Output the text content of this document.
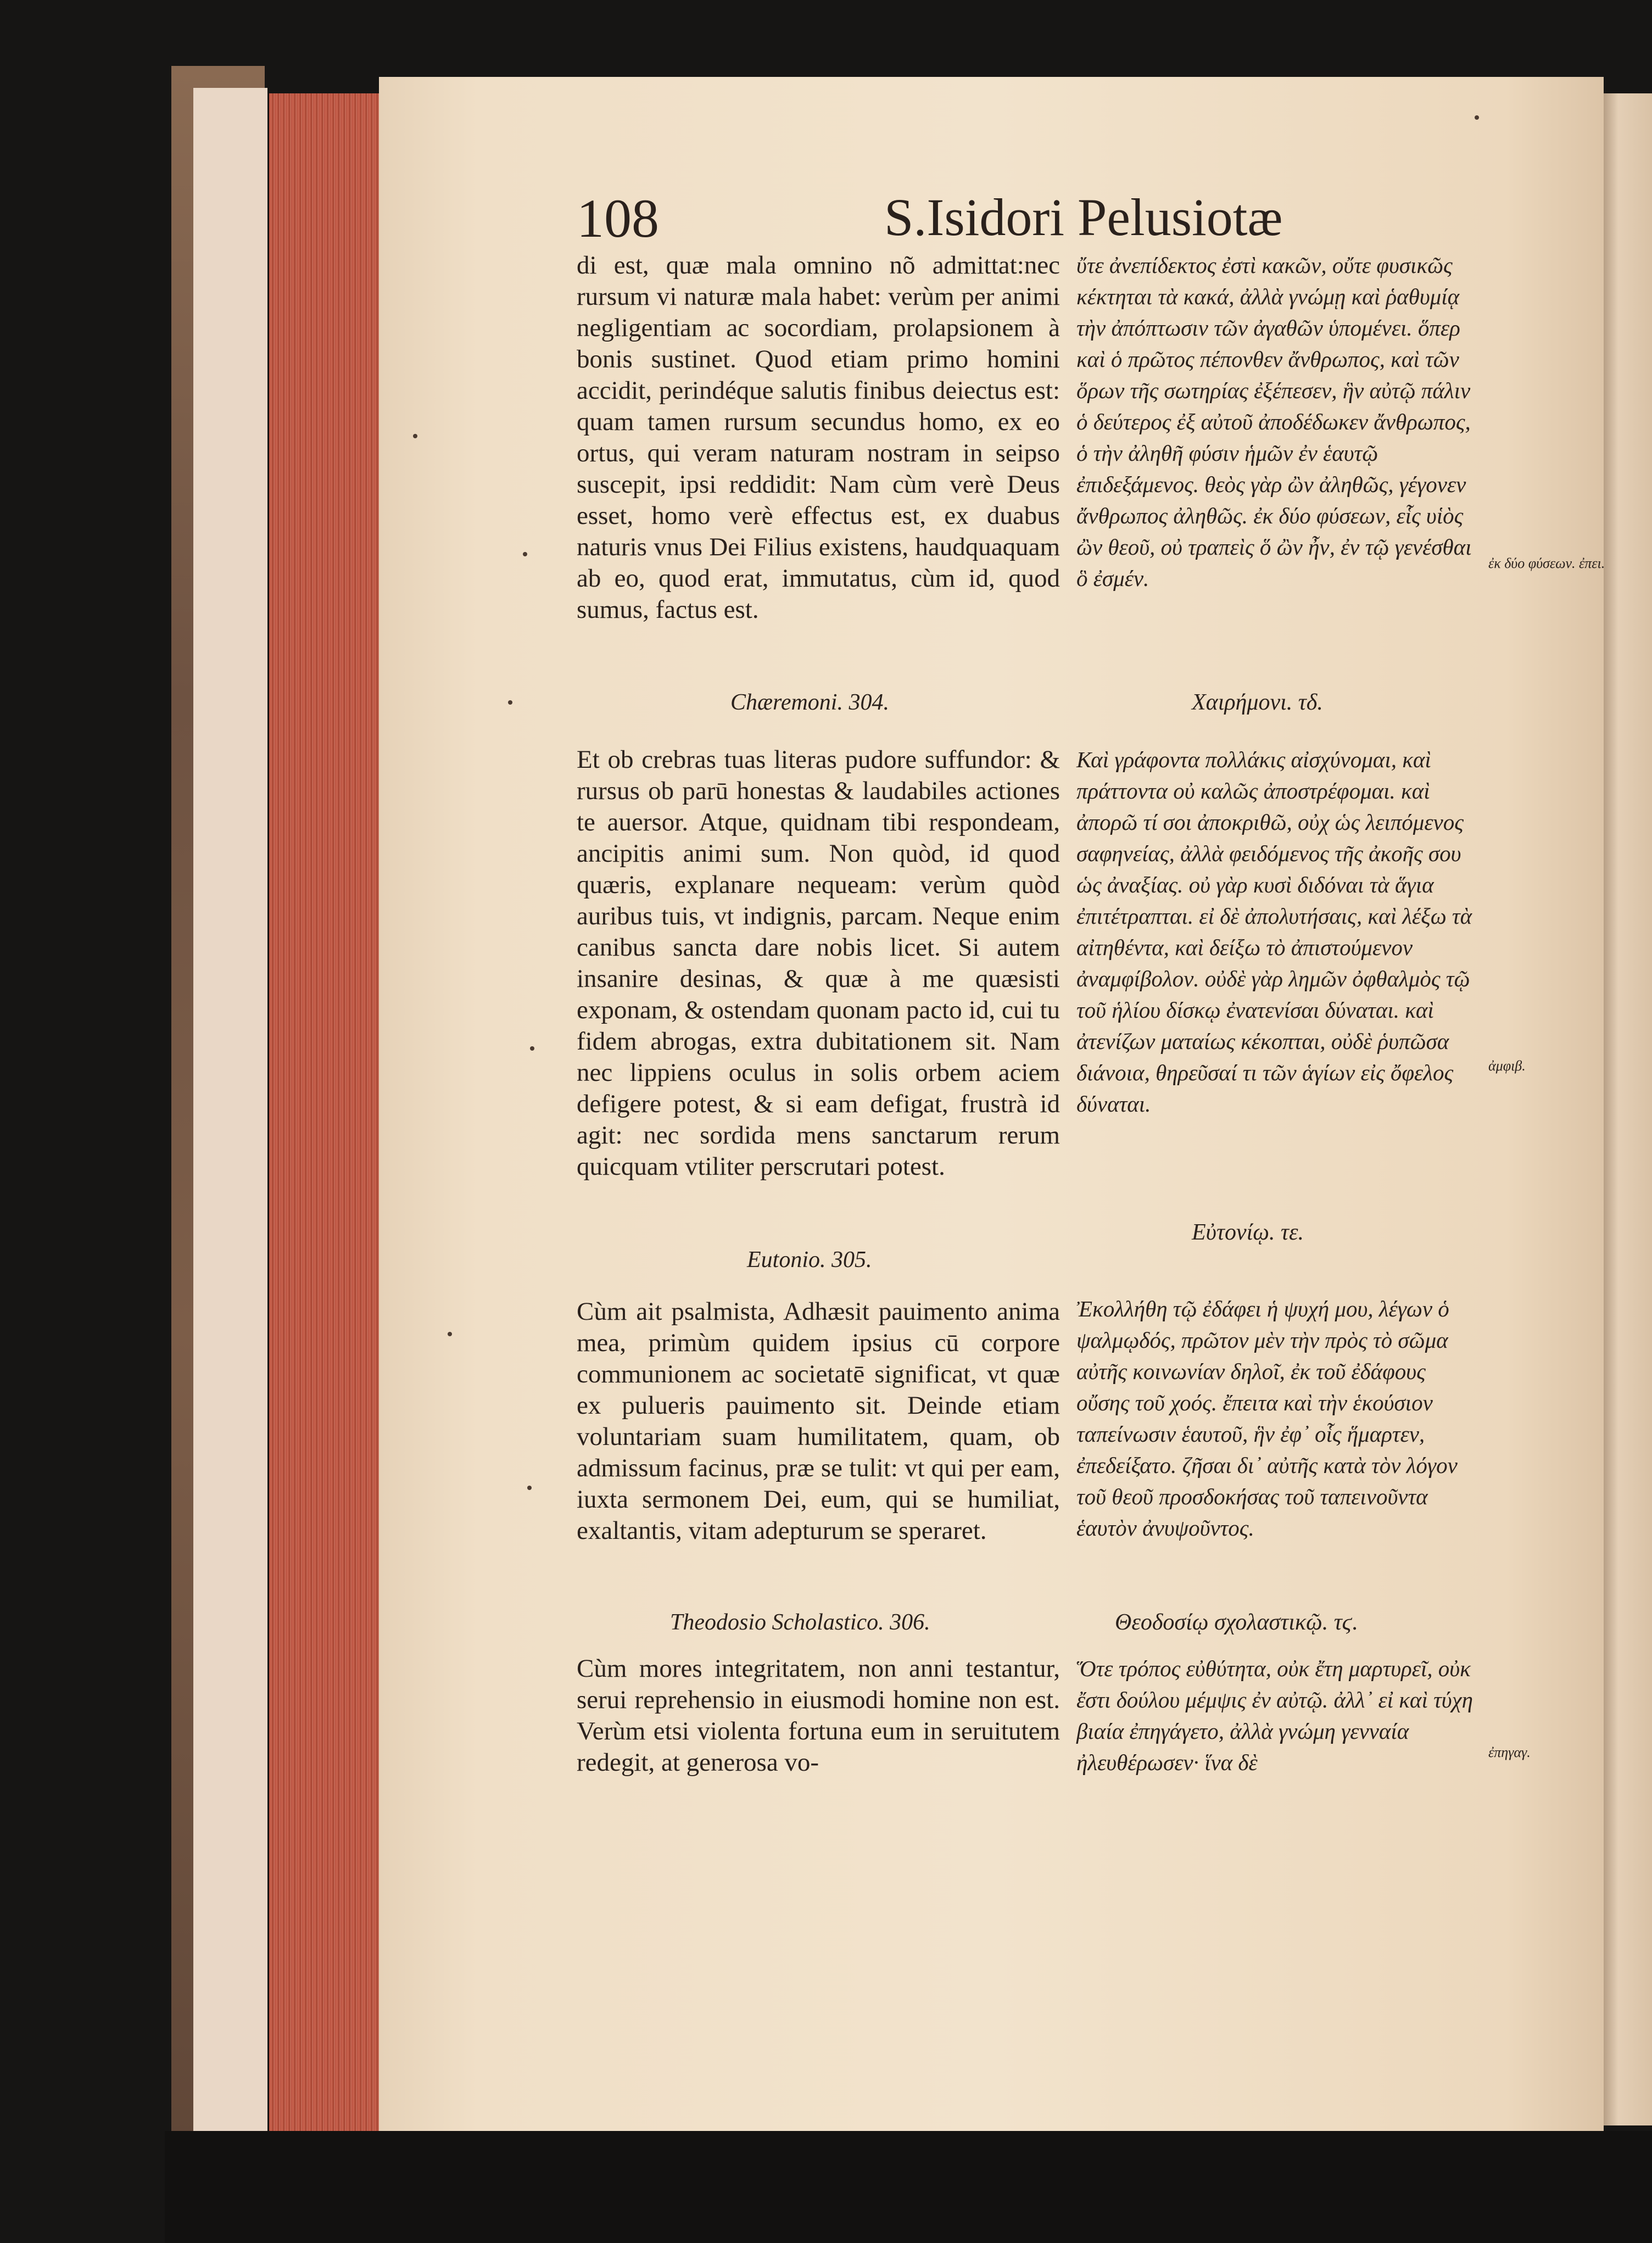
108	S.Isidori Pelusiotæ

di est, quæ mala omnino nõ admittat:nec rursum vi naturæ mala habet: verùm per animi negligentiam ac socordiam, prolapsionem à bonis sustinet. Quod etiam primo homini accidit, perindéque salutis finibus deiectus est: quam tamen rursum secundus homo, ex eo ortus, qui veram naturam nostram in seipso suscepit, ipsi reddidit: Nam cùm verè Deus esset, homo verè effectus est, ex duabus naturis vnus Dei Filius existens, haudquaquam ab eo, quod erat, immutatus, cùm id, quod sumus, factus est.

ὔτε ἀνεπίδεκτος ἐστὶ κακῶν, οὔτε φυσικῶς κέκτηται τὰ κακά, ἀλλὰ γνώμῃ καὶ ῥαθυμίᾳ τὴν ἀπόπτωσιν τῶν ἀγαθῶν ὑπομένει. ὅπερ καὶ ὁ πρῶτος πέπονθεν ἄνθρωπος, καὶ τῶν ὅρων τῆς σωτηρίας ἐξέπεσεν, ἣν αὐτῷ πάλιν ὁ δεύτερος ἐξ αὐτοῦ ἀποδέδωκεν ἄνθρωπος, ὁ τὴν ἀληθῆ φύσιν ἡμῶν ἐν ἑαυτῷ ἐπιδεξάμενος. θεὸς γὰρ ὢν ἀληθῶς, γέγονεν ἄνθρωπος ἀληθῶς. ἐκ δύο φύσεων, εἷς υἱὸς ὢν θεοῦ, οὐ τραπεὶς ὅ ὢν ἦν, ἐν τῷ γενέσθαι ὃ ἐσμέν.

ἐκ δύο φύσεων. ἐπει.
Chæremoni. 304.	Χαιρήμονι. τδ.

Et ob crebras tuas literas pudore suffundor: & rursus ob parū honestas & laudabiles actiones te auersor. Atque, quidnam tibi respondeam, ancipitis animi sum. Non quòd, id quod quæris, explanare nequeam: verùm quòd auribus tuis, vt indignis, parcam. Neque enim canibus sancta dare nobis licet. Si autem insanire desinas, & quæ à me quæsisti exponam, & ostendam quonam pacto id, cui tu fidem abrogas, extra dubitationem sit. Nam nec lippiens oculus in solis orbem aciem defigere potest, & si eam defigat, frustrà id agit: nec sordida mens sanctarum rerum quicquam vtiliter perscrutari potest.

Καὶ γράφοντα πολλάκις αἰσχύνομαι, καὶ πράττοντα οὐ καλῶς ἀποστρέφομαι. καὶ ἀπορῶ τί σοι ἀποκριθῶ, οὐχ ὡς λειπόμενος σαφηνείας, ἀλλὰ φειδόμενος τῆς ἀκοῆς σου ὡς ἀναξίας. οὐ γὰρ κυσὶ διδόναι τὰ ἅγια ἐπιτέτραπται. εἰ δὲ ἀπολυτήσαις, καὶ λέξω τὰ αἰτηθέντα, καὶ δείξω τὸ ἀπιστούμενον ἀναμφίβολον. οὐδὲ γὰρ λημῶν ὀφθαλμὸς τῷ τοῦ ἡλίου δίσκῳ ἐνατενίσαι δύναται. καὶ ἀτενίζων ματαίως κέκοπται, οὐδὲ ῥυπῶσα διάνοια, θηρεῦσαί τι τῶν ἁγίων εἰς ὄφελος δύναται.

ἀμφιβ.
Eutonio. 305.
Εὐτονίῳ. τε.

Cùm ait psalmista, Adhæsit pauimento anima mea, primùm quidem ipsius cū corpore communionem ac societatē significat, vt quæ ex pulueris pauimento sit. Deinde etiam voluntariam suam humilitatem, quam, ob admissum facinus, præ se tulit: vt qui per eam, iuxta sermonem Dei, eum, qui se humiliat, exaltantis, vitam adepturum se speraret.

Ἐκολλήθη τῷ ἐδάφει ἡ ψυχή μου, λέγων ὁ ψαλμῳδός, πρῶτον μὲν τὴν πρὸς τὸ σῶμα αὐτῆς κοινωνίαν δηλοῖ, ἐκ τοῦ ἐδάφους οὔσης τοῦ χοός. ἔπειτα καὶ τὴν ἑκούσιον ταπείνωσιν ἑαυτοῦ, ἣν ἐφ᾽ οἷς ἥμαρτεν, ἐπεδείξατο. ζῆσαι δι᾽ αὐτῆς κατὰ τὸν λόγον τοῦ θεοῦ προσδοκήσας τοῦ ταπεινοῦντα ἑαυτὸν ἀνυψοῦντος.

Theodosio Scholastico. 306.	Θεοδοσίῳ σχολαστικῷ. τϛ.

Cùm mores integritatem, non anni testantur, serui reprehensio in eiusmodi homine non est. Verùm etsi violenta fortuna eum in seruitutem redegit, at generosa vo-

Ὅτε τρόπος εὐθύτητα, οὐκ ἔτη μαρτυρεῖ, οὐκ ἔστι δούλου μέμψις ἐν αὐτῷ. ἀλλ᾽ εἰ καὶ τύχη βιαία ἐπηγάγετο, ἀλλὰ γνώμη γενναία ἠλευθέρωσεν· ἵνα δὲ	ἐπηγαγ.
